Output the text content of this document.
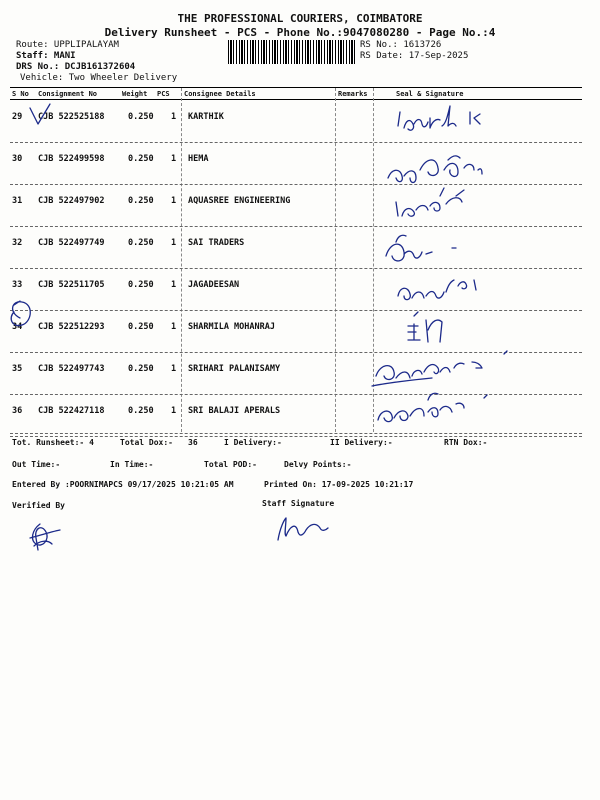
THE PROFESSIONAL COURIERS, COIMBATORE
Delivery Runsheet - PCS - Phone No.:9047080280 - Page No.:4
Route: UPPLIPALAYAM
Staff: MANI
DRS No.: DCJB161372604
Vehicle: Two Wheeler Delivery
RS No.: 1613726
RS Date: 17-Sep-2025
S No Consignment No	Weight PCS Consignee Details	Remarks	Seal & Signature
29 CJB 522525188	0.250 1 KARTHIK
30 CJB 522499598	0.250 1 HEMA
31 CJB 522497902	0.250 1 AQUASREE ENGINEERING
32 CJB 522497749	0.250 1 SAI TRADERS
33 CJB 522511705	0.250 1 JAGADEESAN
34 CJB 522512293	0.250 1 SHARMILA MOHANRAJ
35 CJB 522497743	0.250 1 SRIHARI PALANISAMY
36 CJB 522427118	0.250 1 SRI BALAJI APERALS
Tot. Runsheet:- 4	Total Dox:- 36	I Delivery:-	II Delivery:-	RTN Dox:-
Out Time:-	In Time:-	Total POD:-	Delvy Points:-
Entered By :POORNIMAPCS 09/17/2025 10:21:05 AM	Printed On: 17-09-2025 10:21:17
Verified By	Staff Signature
